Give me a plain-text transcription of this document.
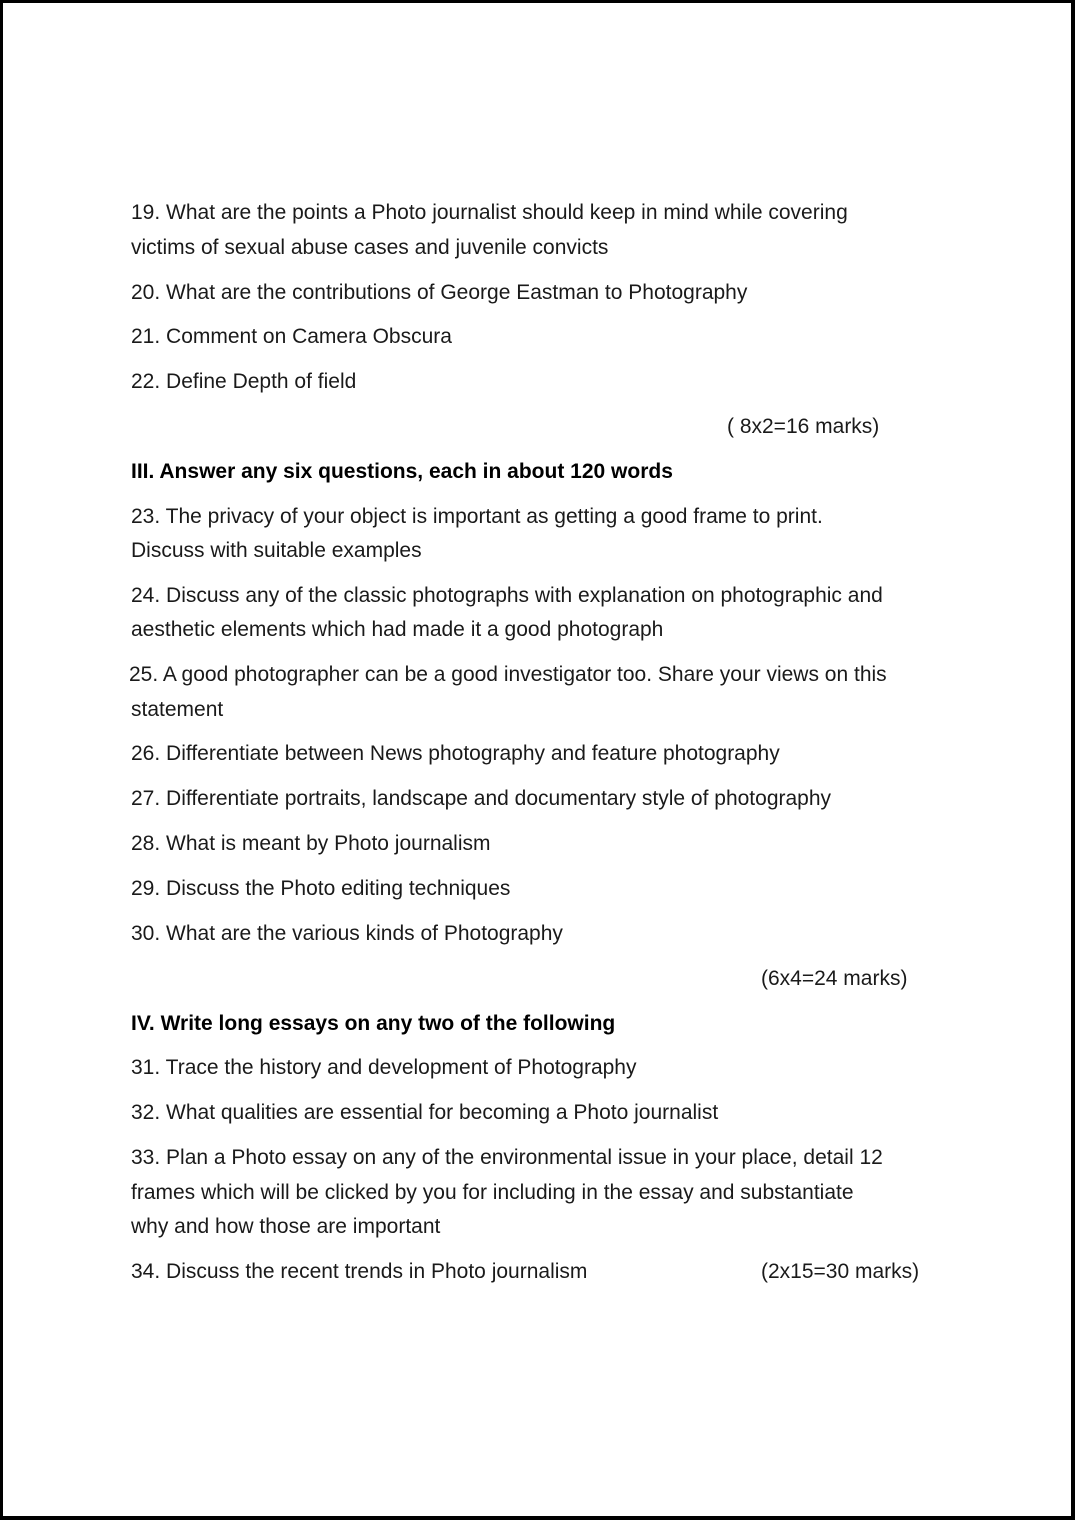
19. What are the points a Photo journalist should keep in mind while covering
victims of sexual abuse cases and juvenile convicts
20. What are the contributions of George Eastman to Photography
21. Comment on Camera Obscura
22. Define Depth of field
( 8x2=16 marks)
III. Answer any six questions, each in about 120 words
23. The privacy of your object is important as getting a good frame to print.
Discuss with suitable examples
24. Discuss any of the classic photographs with explanation on photographic and
aesthetic elements which had made it a good photograph
25. A good photographer can be a good investigator too. Share your views on this
statement
26. Differentiate between News photography and feature photography
27. Differentiate portraits, landscape and documentary style of photography
28. What is meant by Photo journalism
29. Discuss the Photo editing techniques
30. What are the various kinds of Photography
(6x4=24 marks)
IV. Write long essays on any two of the following
31. Trace the history and development of Photography
32. What qualities are essential for becoming a Photo journalist
33. Plan a Photo essay on any of the environmental issue in your place, detail 12
frames which will be clicked by you for including in the essay and substantiate
why and how those are important
34. Discuss the recent trends in Photo journalism	(2x15=30 marks)
